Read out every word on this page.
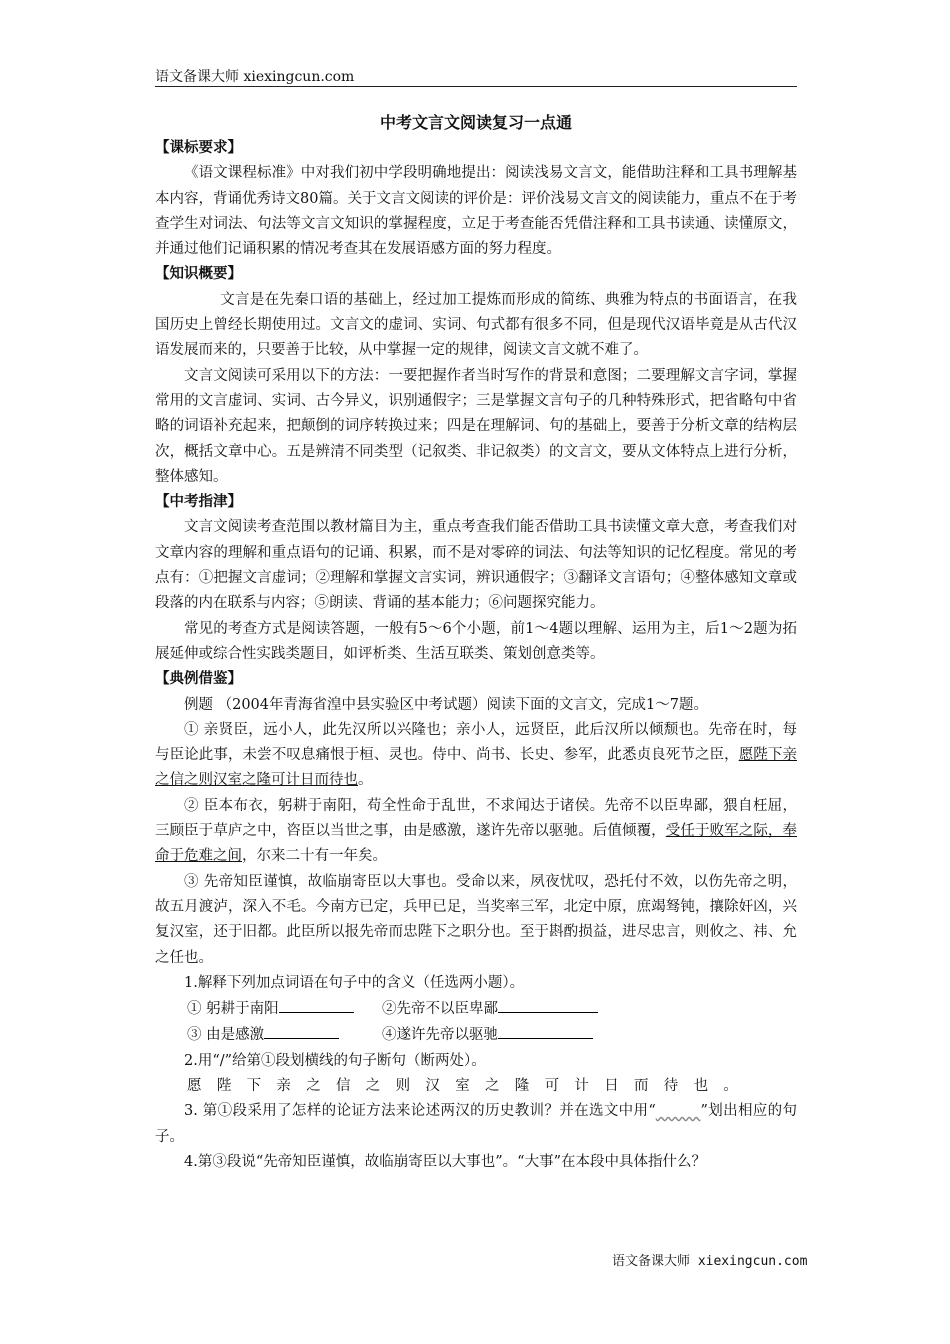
语文备课大师 xiexingcun.com
中考文言文阅读复习一点通
【课标要求】

《语文课程标准》中对我们初中学段明确地提出：阅读浅易文言文，能借助注释和工具书理解基本内容，背诵优秀诗文80篇。关于文言文阅读的评价是：评价浅易文言文的阅读能力，重点不在于考查学生对词法、句法等文言文知识的掌握程度，立足于考查能否凭借注释和工具书读通、读懂原文，并通过他们记诵积累的情况考查其在发展语感方面的努力程度。

【知识概要】

文言是在先秦口语的基础上，经过加工提炼而形成的简练、典雅为特点的书面语言，在我国历史上曾经长期使用过。文言文的虚词、实词、句式都有很多不同，但是现代汉语毕竟是从古代汉语发展而来的，只要善于比较，从中掌握一定的规律，阅读文言文就不难了。

文言文阅读可采用以下的方法：一要把握作者当时写作的背景和意图；二要理解文言字词，掌握常用的文言虚词、实词、古今异义，识别通假字；三是掌握文言句子的几种特殊形式，把省略句中省略的词语补充起来，把颠倒的词序转换过来；四是在理解词、句的基础上，要善于分析文章的结构层次，概括文章中心。五是辨清不同类型（记叙类、非记叙类）的文言文，要从文体特点上进行分析，整体感知。

【中考指津】

文言文阅读考查范围以教材篇目为主，重点考查我们能否借助工具书读懂文章大意，考查我们对文章内容的理解和重点语句的记诵、积累，而不是对零碎的词法、句法等知识的记忆程度。常见的考点有：①把握文言虚词；②理解和掌握文言实词，辨识通假字；③翻译文言语句；④整体感知文章或段落的内在联系与内容；⑤朗读、背诵的基本能力；⑥问题探究能力。

常见的考查方式是阅读答题，一般有5～6个小题，前1～4题以理解、运用为主，后1～2题为拓展延伸或综合性实践类题目，如评析类、生活互联类、策划创意类等。

【典例借鉴】

例题 （2004年青海省湟中县实验区中考试题）阅读下面的文言文，完成1～7题。

① 亲贤臣，远小人，此先汉所以兴隆也；亲小人，远贤臣，此后汉所以倾颓也。先帝在时，每与臣论此事，未尝不叹息痛恨于桓、灵也。侍中、尚书、长史、参军，此悉贞良死节之臣，愿陛下亲之信之则汉室之隆可计日而待也。

② 臣本布衣，躬耕于南阳，苟全性命于乱世，不求闻达于诸侯。先帝不以臣卑鄙，猥自枉屈，三顾臣于草庐之中，咨臣以当世之事，由是感激，遂许先帝以驱驰。后值倾覆，受任于败军之际，奉命于危难之间，尔来二十有一年矣。

③ 先帝知臣谨慎，故临崩寄臣以大事也。受命以来，夙夜忧叹，恐托付不效，以伤先帝之明，故五月渡泸，深入不毛。今南方已定，兵甲已足，当奖率三军，北定中原，庶竭驽钝，攘除奸凶，兴复汉室，还于旧都。此臣所以报先帝而忠陛下之职分也。至于斟酌损益，进尽忠言，则攸之、祎、允之任也。

1.解释下列加点词语在句子中的含义（任选两小题）。

① 躬耕于南阳	②先帝不以臣卑鄙
③ 由是感激	④遂许先帝以驱驰

2.用“/”给第①段划横线的句子断句（断两处）。

愿陛下亲之信之则汉室之隆可计日而待也。

3. 第①段采用了怎样的论证方法来论述两汉的历史教训？并在选文中用“​         ”划出相应的句子。

4.第③段说“先帝知臣谨慎，故临崩寄臣以大事也”。“大事”在本段中具体指什么？

语文备课大师 xiexingcun.com
